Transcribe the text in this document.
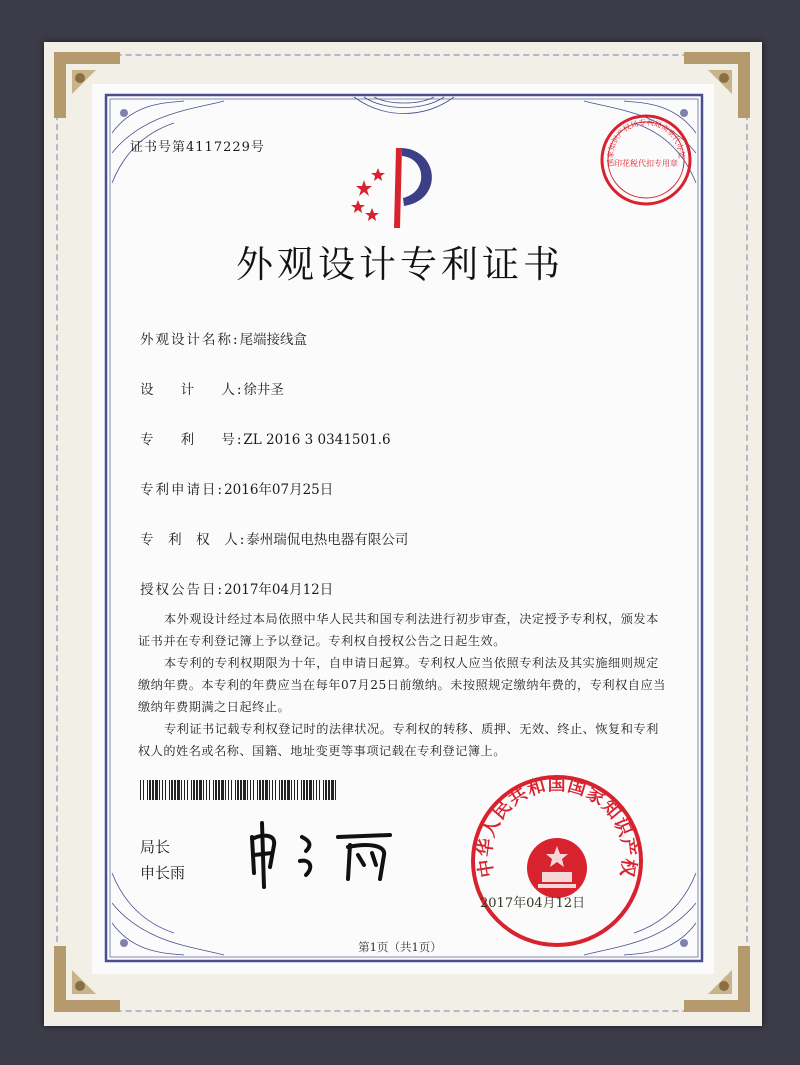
证书号第4117229号
国家知识产权局专利局南京代办处
印花税代扣专用章
外观设计专利证书
外观设计名称:尾端接线盒
设    计    人:徐井圣
专    利    号:ZL 2016 3 0341501.6
专利申请日:2016年07月25日
专  利  权  人:泰州瑞侃电热电器有限公司
授权公告日:2017年04月12日
本外观设计经过本局依照中华人民共和国专利法进行初步审查，决定授予专利权，颁发本证书并在专利登记簿上予以登记。专利权自授权公告之日起生效。
本专利的专利权期限为十年，自申请日起算。专利权人应当依照专利法及其实施细则规定缴纳年费。本专利的年费应当在每年07月25日前缴纳。未按照规定缴纳年费的，专利权自应当缴纳年费期满之日起终止。
专利证书记载专利权登记时的法律状况。专利权的转移、质押、无效、终止、恢复和专利权人的姓名或名称、国籍、地址变更等事项记载在专利登记簿上。
局长
申长雨	中华人民共和国国家知识产权
2017年04月12日
第1页（共1页）
